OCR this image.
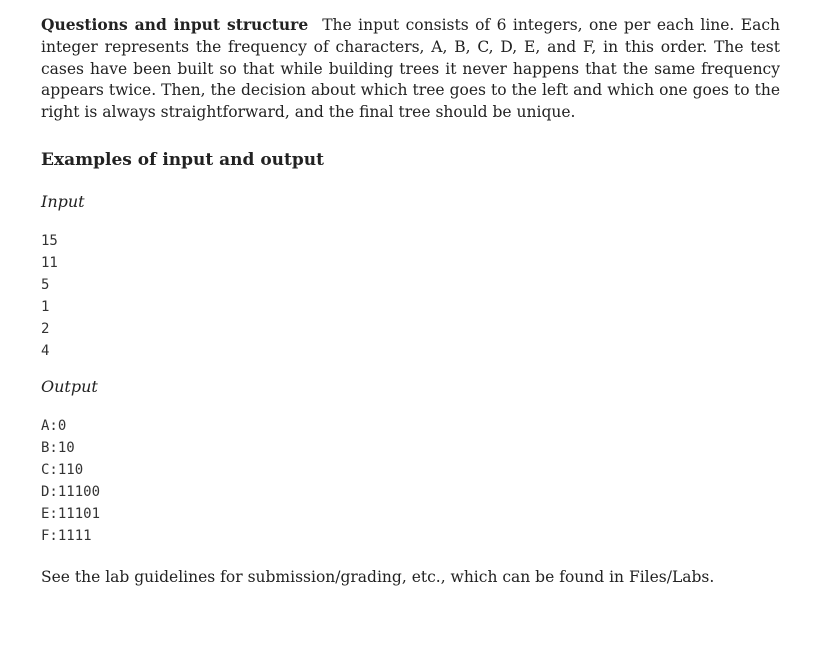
Questions and input structure The input consists of 6 integers, one per each line. Each integer represents the frequency of characters, A, B, C, D, E, and F, in this order. The test cases have been built so that while building trees it never happens that the same frequency appears twice. Then, the decision about which tree goes to the left and which one goes to the right is always straightforward, and the final tree should be unique.

Examples of input and output
Input
15
11
5
1
2
4
Output
A:0
B:10
C:110
D:11100
E:11101
F:1111

See the lab guidelines for submission/grading, etc., which can be found in Files/Labs.
